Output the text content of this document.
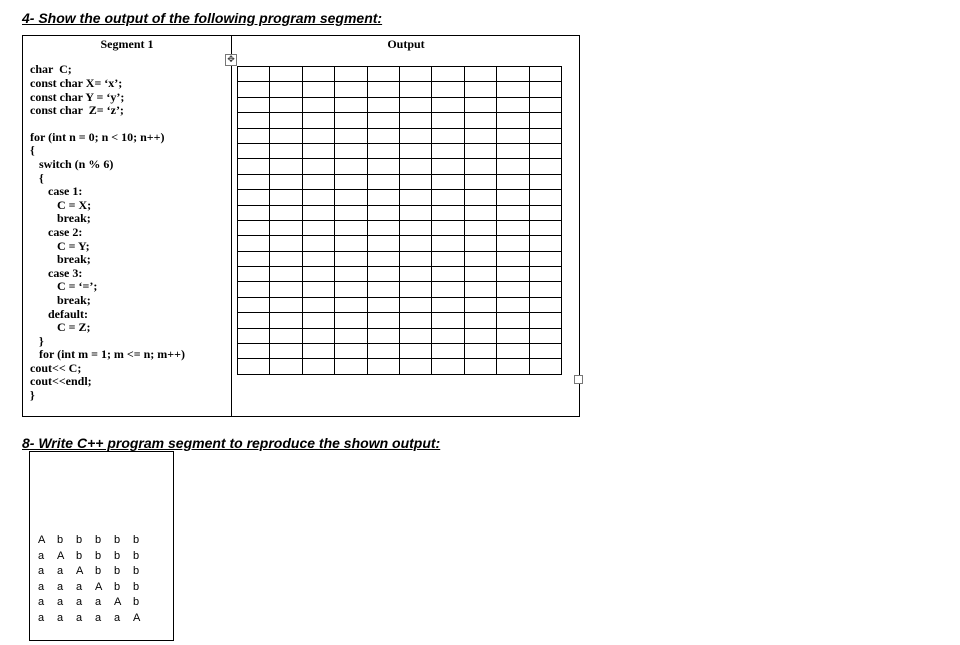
4- Show the output of the following program segment:
Segment 1	Output
char  C;
const char X= ‘x’;
const char Y = ‘y’;
const char  Z= ‘z’;
for (int n = 0; n < 10; n++)
{
switch (n % 6)
{
case 1:
C = X;
break;
case 2:
C = Y;
break;
case 3:
C = ‘=’;
break;
default:
C = Z;
}
for (int m = 1; m <= n; m++)
cout<< C;
cout<<endl;
}

✥
8- Write C++ program segment to reproduce the shown output:
A b b b b b
a A b b b b
a a A b b b
a a a A b b
a a a a A b
a a a a a A
